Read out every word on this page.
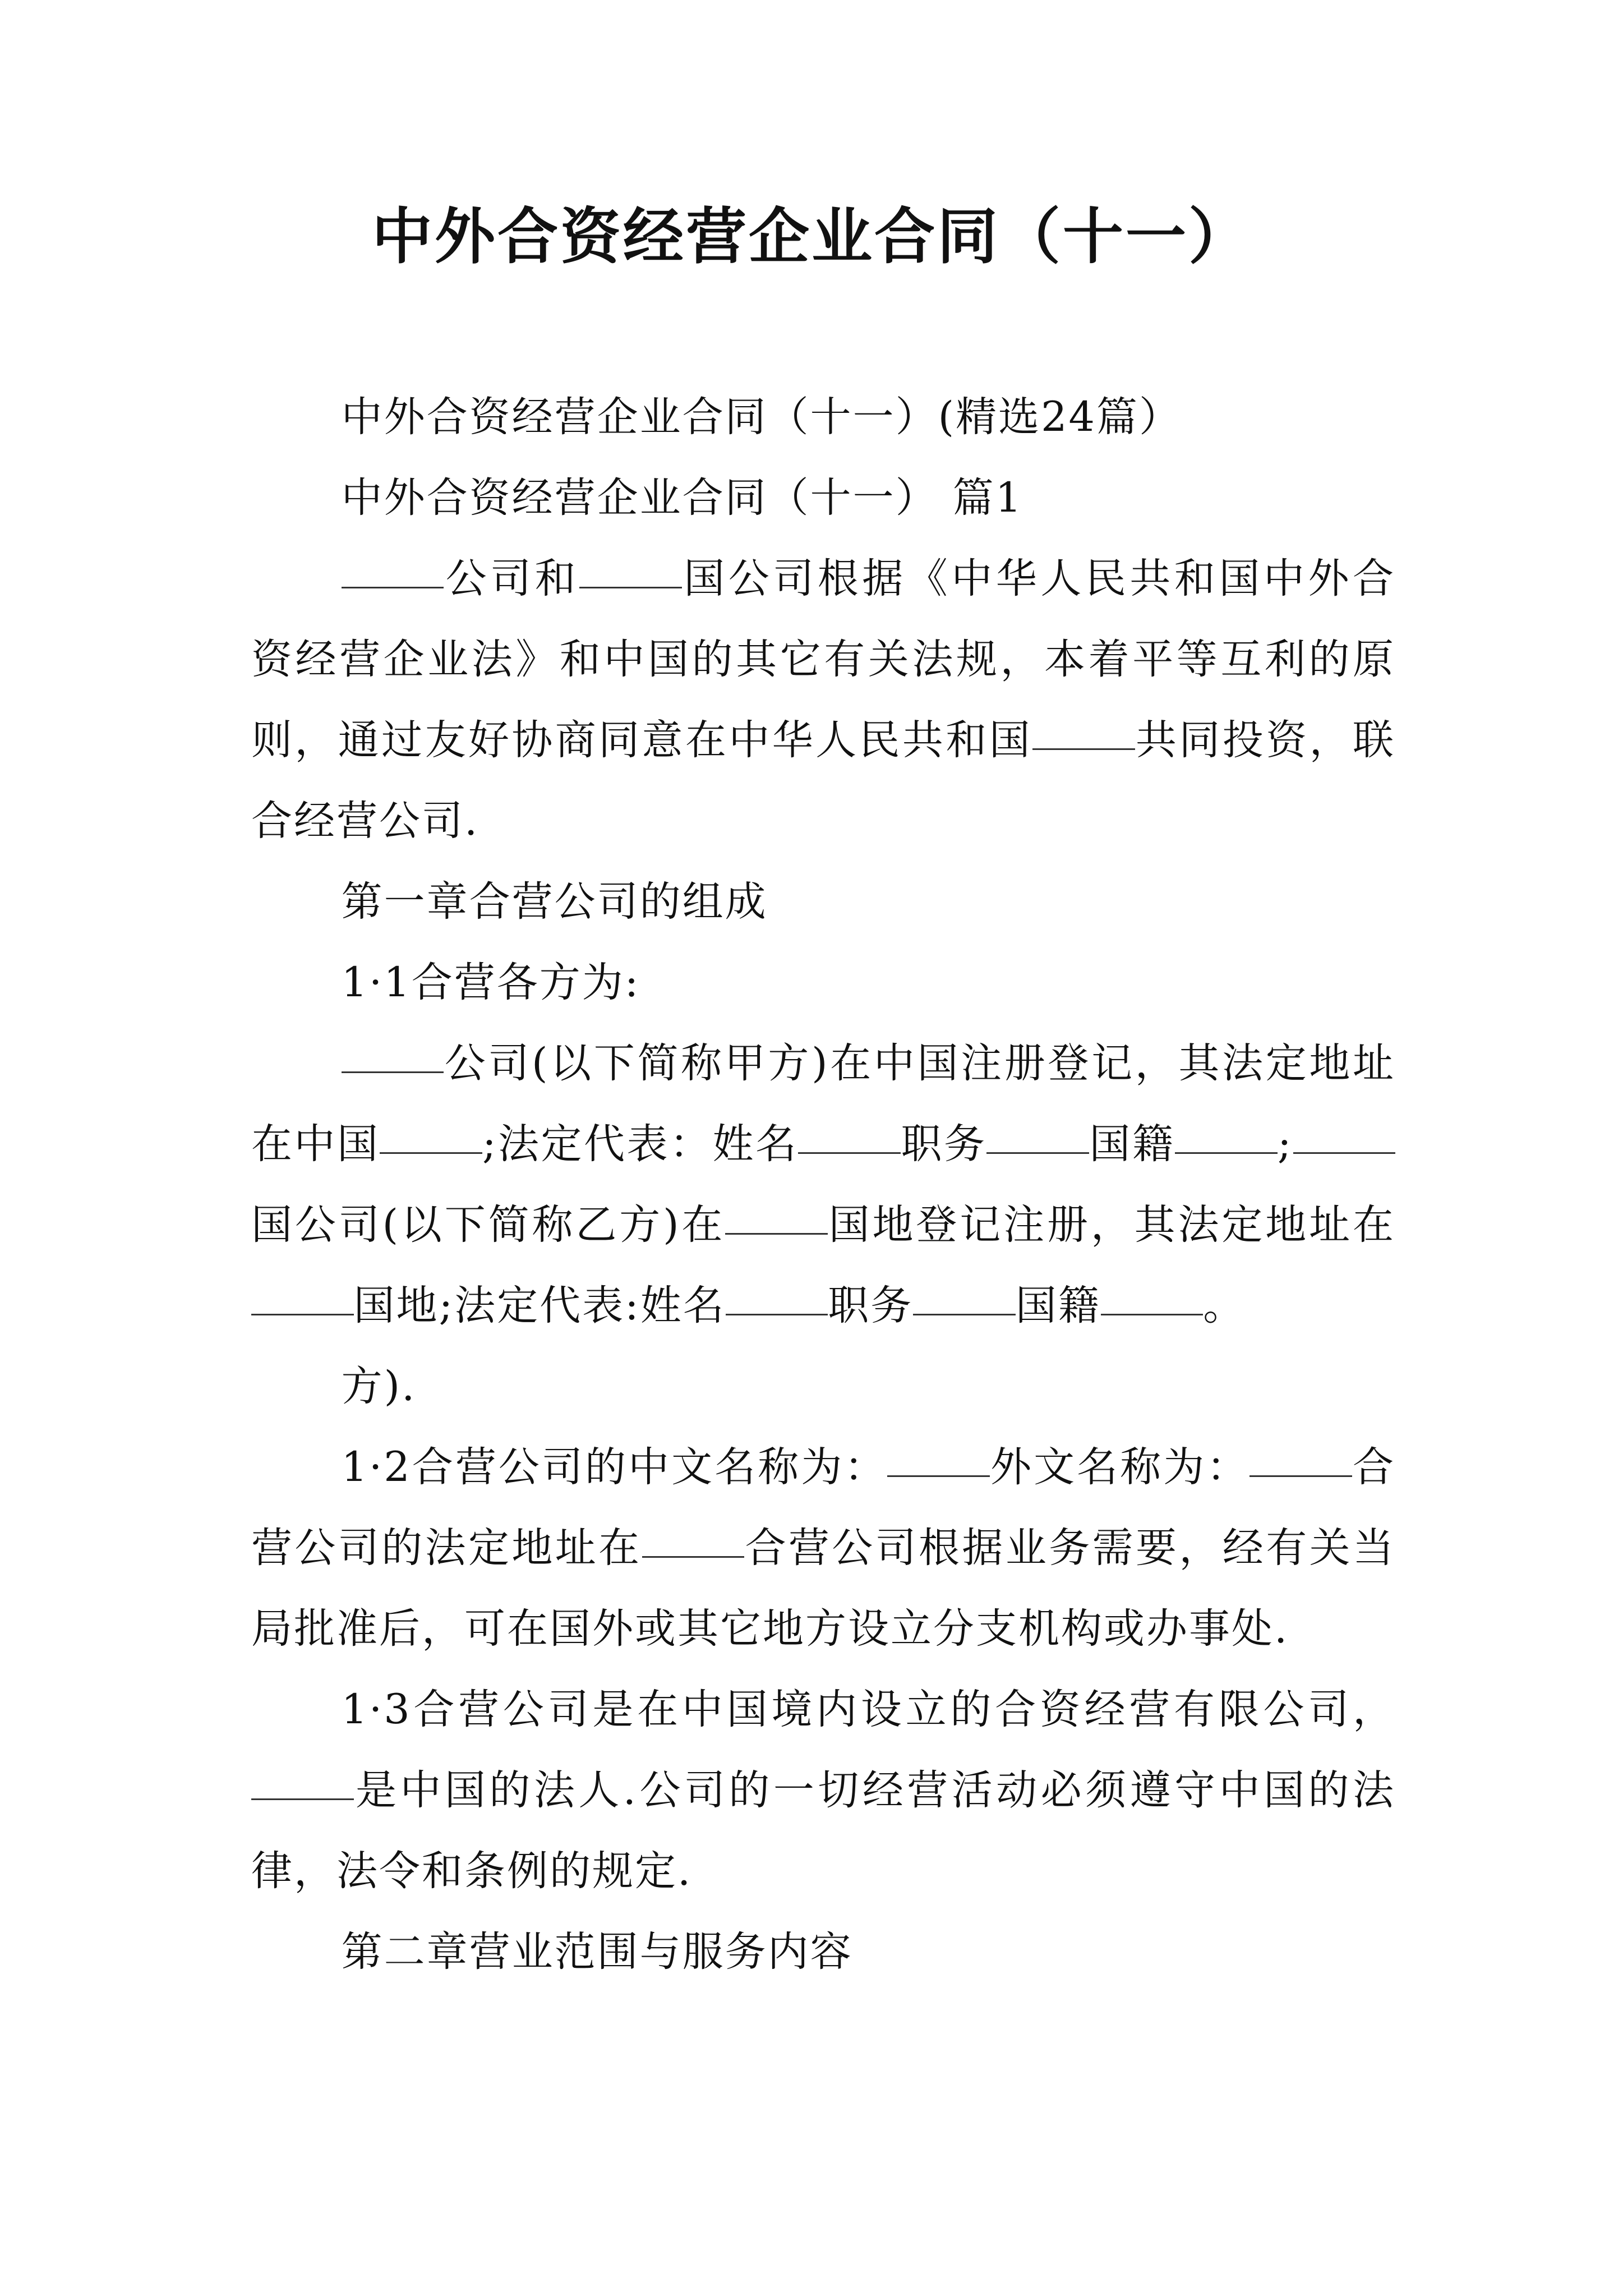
中外合资经营企业合同（十一）

中外合资经营企业合同（十一）(精选24篇）

中外合资经营企业合同（十一） 篇1

公司和	国公司根据《中华人民共和国中外合资经营企业法》和中国的其它有关法规，本着平等互利的原则，通过友好协商同意在中华人民共和国	共同投资，联合经营公司.

第一章合营公司的组成

1·1合营各方为:

公司(以下简称甲方)在中国注册登记，其法定地址在中国	;法定代表：姓名	职务	国籍	;国公司(以下简称乙方)在	国地登记注册，其法定地址在国地;法定代表:姓名	职务	国籍	。

方).

1·2合营公司的中文名称为：	外文名称为：	合营公司的法定地址在	合营公司根据业务需要，经有关当局批准后，可在国外或其它地方设立分支机构或办事处.

1·3合营公司是在中国境内设立的合资经营有限公司，是中国的法人.公司的一切经营活动必须遵守中国的法律，法令和条例的规定.

第二章营业范围与服务内容
